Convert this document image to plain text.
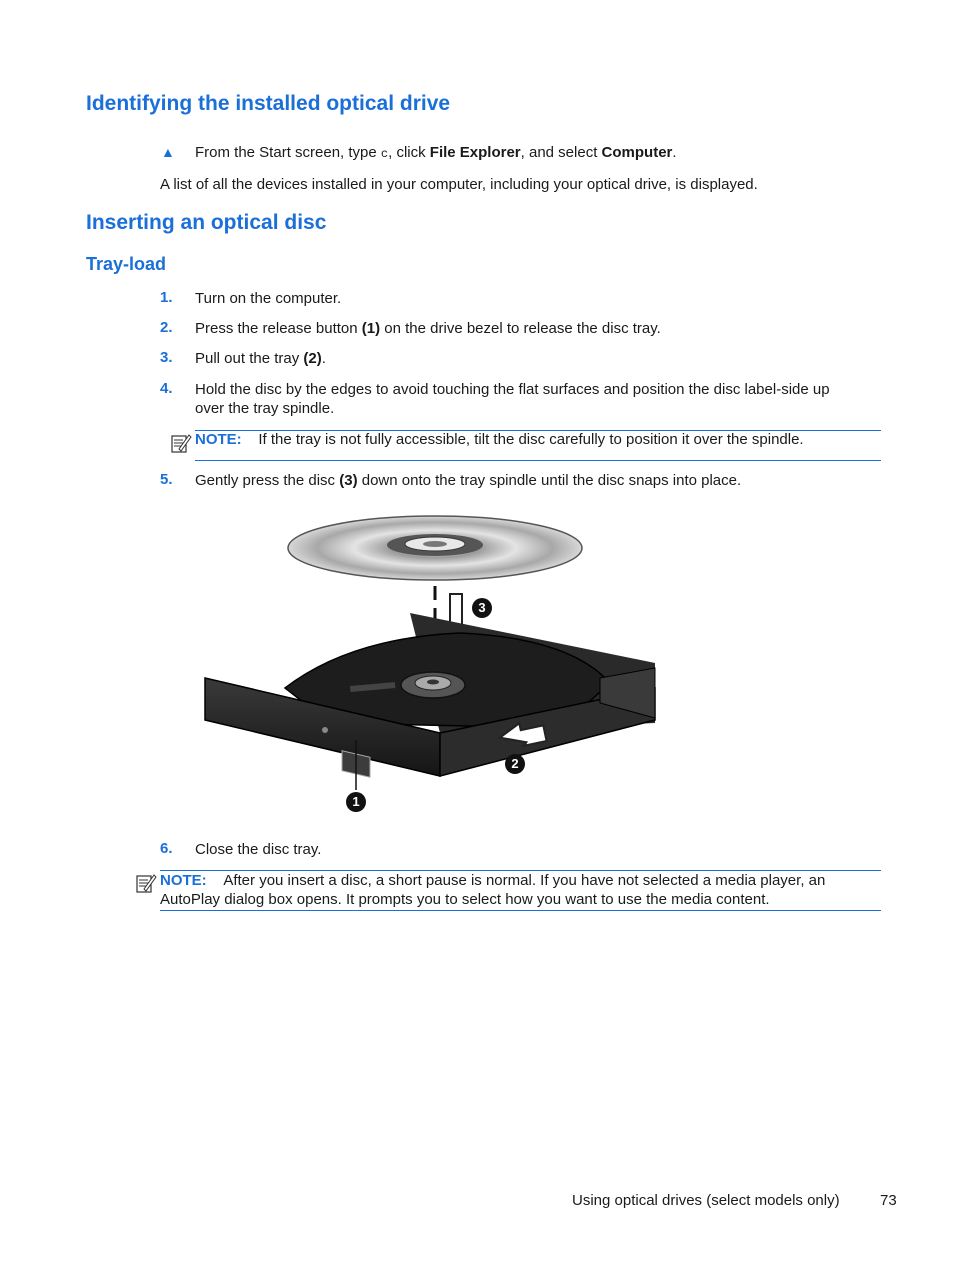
Identifying the installed optical drive
▲ From the Start screen, type c, click File Explorer, and select Computer.
A list of all the devices installed in your computer, including your optical drive, is displayed.
Inserting an optical disc
Tray-load
1. Turn on the computer.
2. Press the release button (1) on the drive bezel to release the disc tray.
3. Pull out the tray (2).
4. Hold the disc by the edges to avoid touching the flat surfaces and position the disc label-side up
over the tray spindle.
NOTE: If the tray is not fully accessible, tilt the disc carefully to position it over the spindle.
5. Gently press the disc (3) down onto the tray spindle until the disc snaps into place.
1
2
3
6. Close the disc tray.
NOTE: After you insert a disc, a short pause is normal. If you have not selected a media player, an
AutoPlay dialog box opens. It prompts you to select how you want to use the media content.
Using optical drives (select models only)	73
